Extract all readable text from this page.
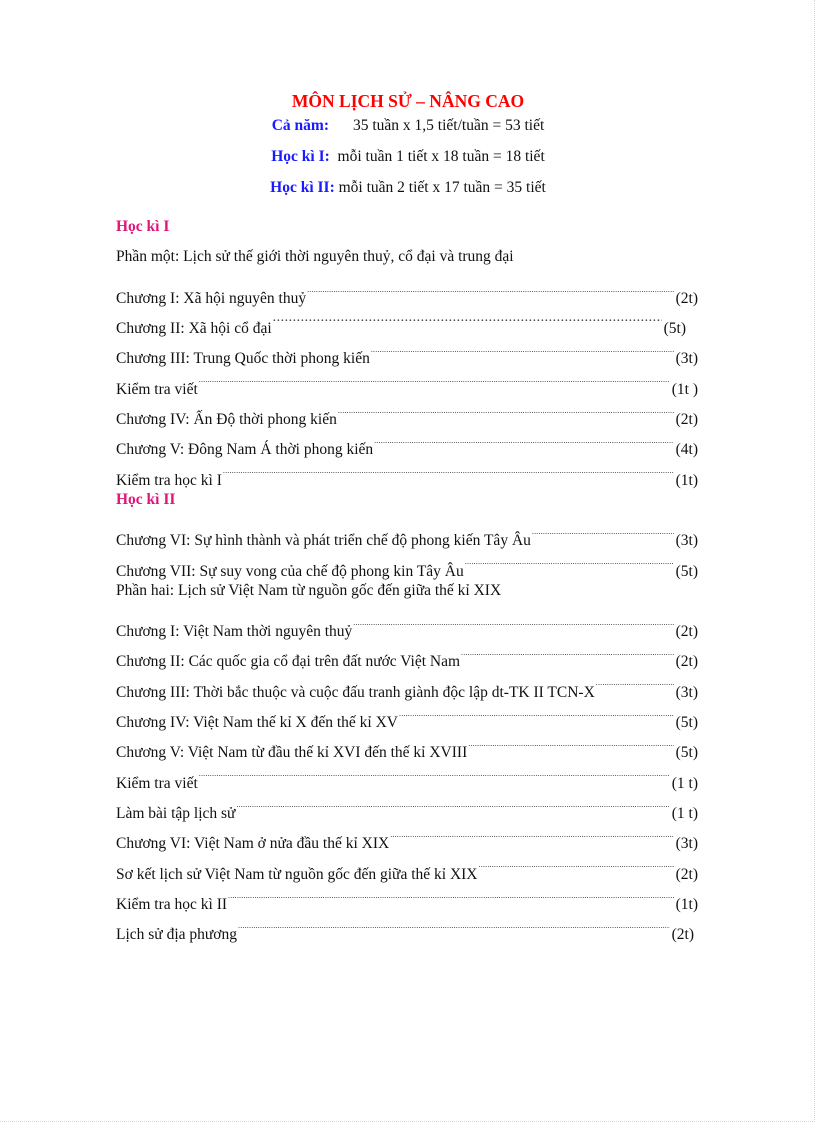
MÔN LỊCH SỬ – NÂNG CAO
Cả năm: 35 tuần x 1,5 tiết/tuần = 53 tiết
Học kì I: mỗi tuần 1 tiết x 18 tuần = 18 tiết
Học kì II: mỗi tuần 2 tiết x 17 tuần = 35 tiết
Học kì I
Phần một: Lịch sử thế giới thời nguyên thuỷ, cổ đại và trung đại
Chương I: Xã hội nguyên thuỷ .....	(2t)
Chương II: Xã hội cổ đại .....	(5t)
Chương III: Trung Quốc thời phong kiến .....	(3t)
Kiểm tra viết .....	(1t )
Chương IV: Ấn Độ thời phong kiến .....	(2t)
Chương V: Đông Nam Á thời phong kiến .....	(4t)
Kiểm tra học kì I .....	(1t)
Học kì II
Chương VI: Sự hình thành và phát triển chế độ phong kiến Tây Âu .....	(3t)
Chương VII: Sự suy vong của chế độ phong kin Tây Âu .....	(5t)
Phần hai: Lịch sử Việt Nam từ nguồn gốc đến giữa thế kỉ XIX
Chương I: Việt Nam thời nguyên thuỷ .....	(2t)
Chương II: Các quốc gia cổ đại trên đất nước Việt Nam .....	(2t)
Chương III: Thời bắc thuộc và cuộc đấu tranh giành độc lập dt-TK II TCN-X .....	(3t)
Chương IV: Việt Nam thế kỉ X đến thế kỉ XV .....	(5t)
Chương V: Việt Nam từ đầu thế kỉ XVI đến thế kỉ XVIII .....	(5t)
Kiểm tra viết .....	(1 t)
Làm bài tập lịch sử .....	(1 t)
Chương VI: Việt Nam ở nửa đầu thế kỉ XIX .....	(3t)
Sơ kết lịch sử Việt Nam từ nguồn gốc đến giữa thế kỉ XIX .....	(2t)
Kiểm tra học kì II .....	(1t)
Lịch sử địa phương .....	(2t)
